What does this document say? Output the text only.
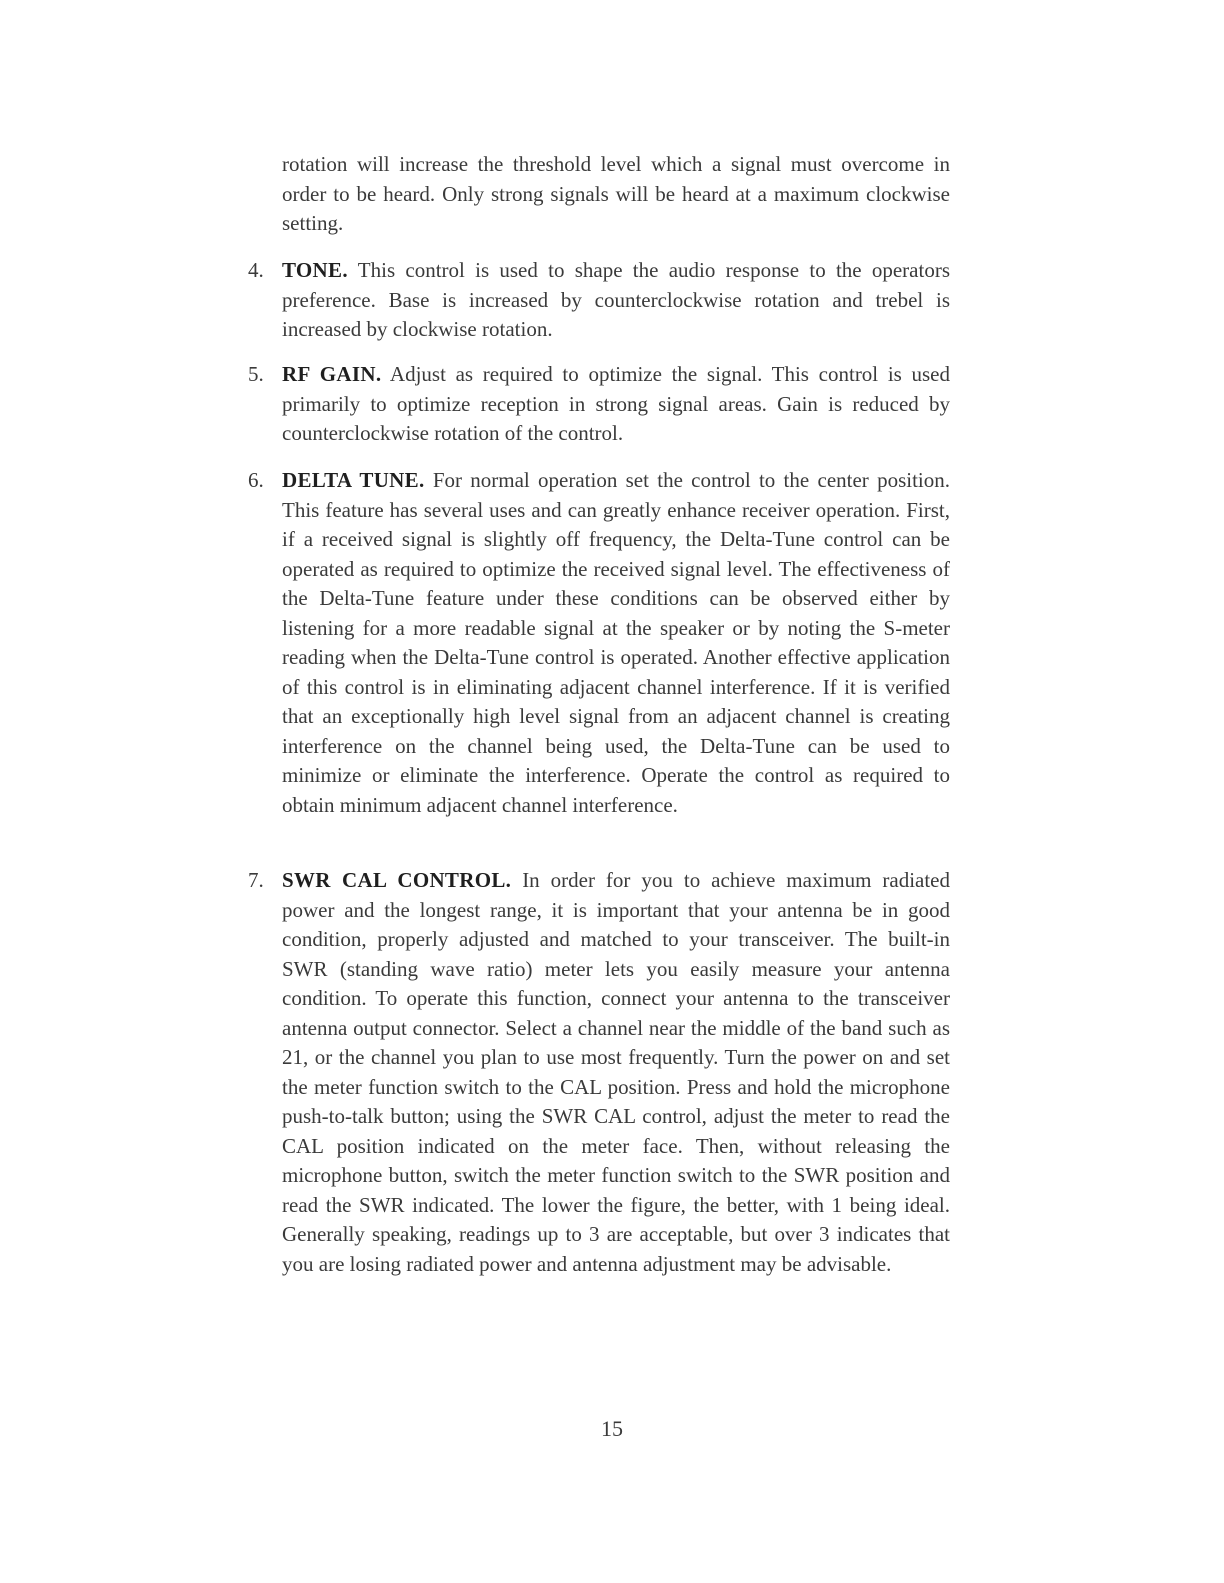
rotation will increase the threshold level which a signal must overcome in order to be heard. Only strong signals will be heard at a maximum clockwise setting.

4. TONE. This control is used to shape the audio response to the operators preference. Base is increased by counterclockwise rotation and trebel is increased by clockwise rotation.
5. RF GAIN. Adjust as required to optimize the signal. This control is used primarily to optimize reception in strong signal areas. Gain is reduced by counterclockwise rotation of the control.
6. DELTA TUNE. For normal operation set the control to the center position. This feature has several uses and can greatly enhance receiver operation. First, if a received signal is slightly off frequency, the Delta-Tune control can be operated as required to optimize the received signal level. The effectiveness of the Delta-Tune feature under these conditions can be observed either by listening for a more readable signal at the speaker or by noting the S-meter reading when the Delta-Tune control is operated. Another effective application of this control is in eliminating adjacent channel interference. If it is verified that an exceptionally high level signal from an adjacent channel is creating interference on the channel being used, the Delta-Tune can be used to minimize or eliminate the interference. Operate the control as required to obtain minimum adjacent channel interference.
7. SWR CAL CONTROL. In order for you to achieve maximum radiated power and the longest range, it is important that your antenna be in good condition, properly adjusted and matched to your transceiver. The built-in SWR (standing wave ratio) meter lets you easily measure your antenna condition. To operate this function, connect your antenna to the transceiver antenna output connector. Select a channel near the middle of the band such as 21, or the channel you plan to use most frequently. Turn the power on and set the meter function switch to the CAL position. Press and hold the microphone push-to-talk button; using the SWR CAL control, adjust the meter to read the CAL position indicated on the meter face. Then, without releasing the microphone button, switch the meter function switch to the SWR position and read the SWR indicated. The lower the figure, the better, with 1 being ideal. Generally speaking, readings up to 3 are acceptable, but over 3 indicates that you are losing radiated power and antenna adjustment may be advisable.

15
